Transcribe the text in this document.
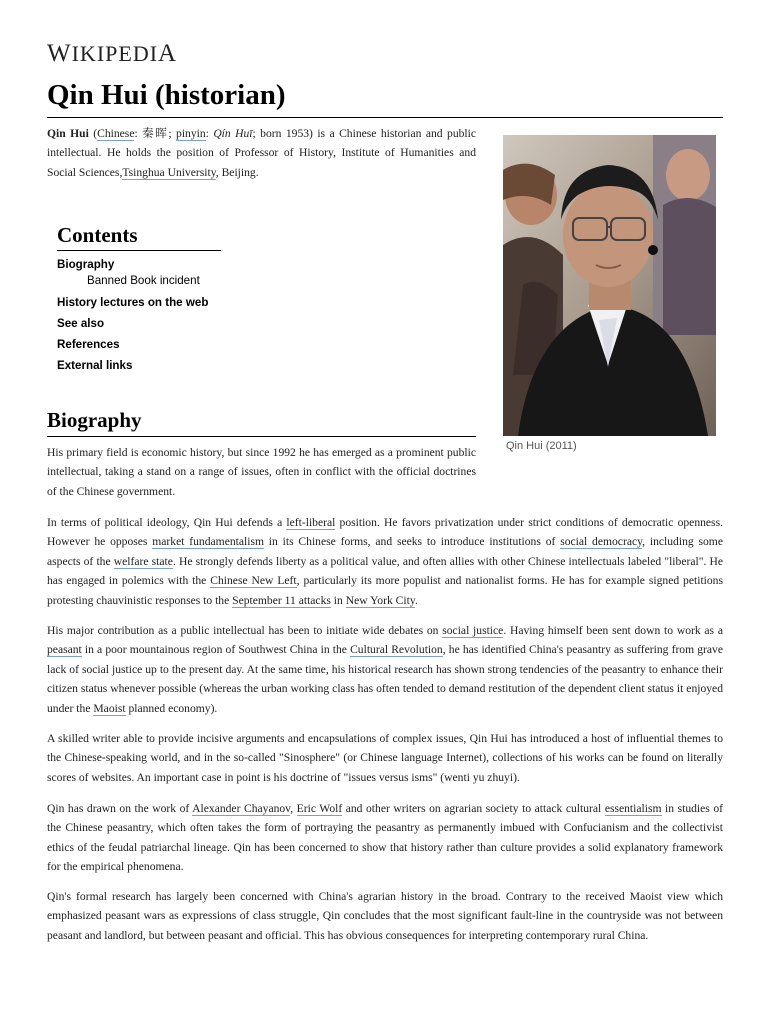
WIKIPEDIA
Qin Hui (historian)

Qin Hui (Chinese: 秦晖; pinyin: Qín Huī; born 1953) is a Chinese historian and public intellectual. He holds the position of Professor of History, Institute of Humanities and Social Sciences,Tsinghua University, Beijing.

Contents
Biography
Banned Book incident
History lectures on the web
See also
References
External links
Qin Hui (2011)
Biography

His primary field is economic history, but since 1992 he has emerged as a prominent public intellectual, taking a stand on a range of issues, often in conflict with the official doctrines of the Chinese government.

In terms of political ideology, Qin Hui defends a left-liberal position. He favors privatization under strict conditions of democratic openness. However he opposes market fundamentalism in its Chinese forms, and seeks to introduce institutions of social democracy, including some aspects of the welfare state. He strongly defends liberty as a political value, and often allies with other Chinese intellectuals labeled "liberal". He has engaged in polemics with the Chinese New Left, particularly its more populist and nationalist forms. He has for example signed petitions protesting chauvinistic responses to the September 11 attacks in New York City.

His major contribution as a public intellectual has been to initiate wide debates on social justice. Having himself been sent down to work as a peasant in a poor mountainous region of Southwest China in the Cultural Revolution, he has identified China's peasantry as suffering from grave lack of social justice up to the present day. At the same time, his historical research has shown strong tendencies of the peasantry to enhance their citizen status whenever possible (whereas the urban working class has often tended to demand restitution of the dependent client status it enjoyed under the Maoist planned economy).

A skilled writer able to provide incisive arguments and encapsulations of complex issues, Qin Hui has introduced a host of influential themes to the Chinese-speaking world, and in the so-called "Sinosphere" (or Chinese language Internet), collections of his works can be found on literally scores of websites. An important case in point is his doctrine of "issues versus isms" (wenti yu zhuyi).

Qin has drawn on the work of Alexander Chayanov, Eric Wolf and other writers on agrarian society to attack cultural essentialism in studies of the Chinese peasantry, which often takes the form of portraying the peasantry as permanently imbued with Confucianism and the collectivist ethics of the feudal patriarchal lineage. Qin has been concerned to show that history rather than culture provides a solid explanatory framework for the empirical phenomena.

Qin's formal research has largely been concerned with China's agrarian history in the broad. Contrary to the received Maoist view which emphasized peasant wars as expressions of class struggle, Qin concludes that the most significant fault-line in the countryside was not between peasant and landlord, but between peasant and official. This has obvious consequences for interpreting contemporary rural China.
